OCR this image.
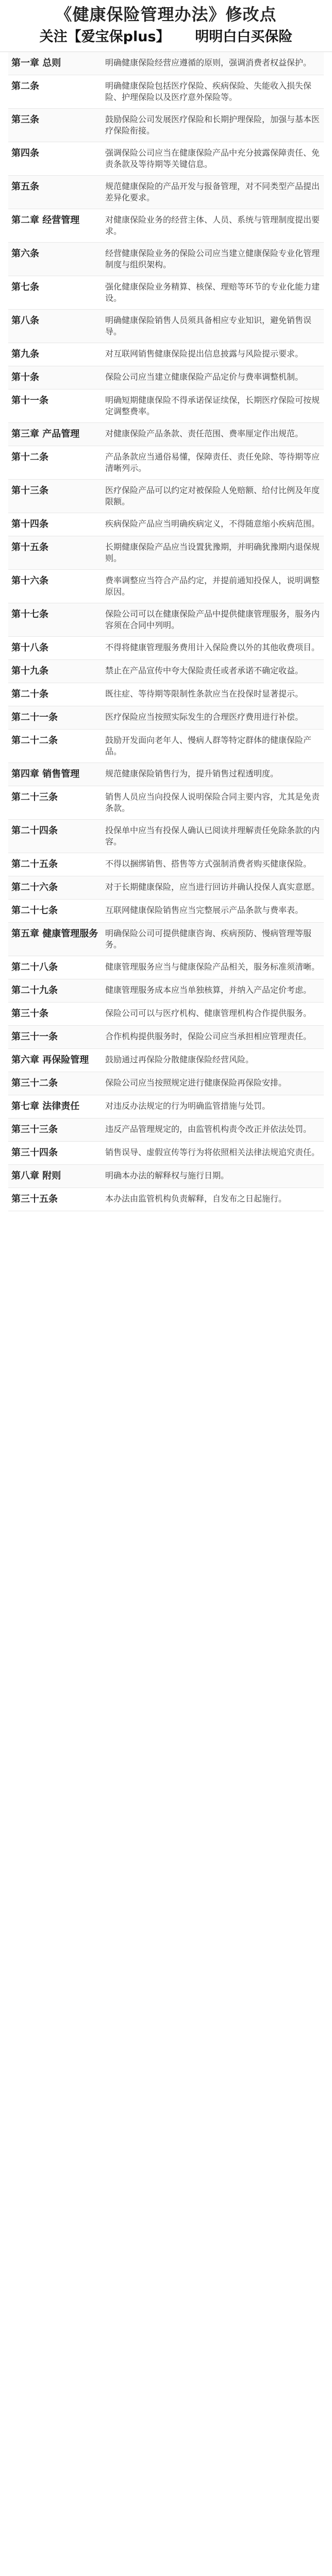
《健康保险管理办法》修改点
关注【爱宝保plus】 明明白白买保险
第一章 总则	明确健康保险经营应遵循的原则，强调消费者权益保护。
第二条	明确健康保险包括医疗保险、疾病保险、失能收入损失保险、护理保险以及医疗意外保险等。
第三条	鼓励保险公司发展医疗保险和长期护理保险，加强与基本医疗保险衔接。
第四条	强调保险公司应当在健康保险产品中充分披露保障责任、免责条款及等待期等关键信息。
第五条	规范健康保险的产品开发与报备管理，对不同类型产品提出差异化要求。
第二章 经营管理	对健康保险业务的经营主体、人员、系统与管理制度提出要求。
第六条	经营健康保险业务的保险公司应当建立健康保险专业化管理制度与组织架构。
第七条	强化健康保险业务精算、核保、理赔等环节的专业化能力建设。
第八条	明确健康保险销售人员须具备相应专业知识，避免销售误导。
第九条	对互联网销售健康保险提出信息披露与风险提示要求。
第十条	保险公司应当建立健康保险产品定价与费率调整机制。
第十一条	明确短期健康保险不得承诺保证续保，长期医疗保险可按规定调整费率。
第三章 产品管理	对健康保险产品条款、责任范围、费率厘定作出规范。
第十二条	产品条款应当通俗易懂，保障责任、责任免除、等待期等应清晰列示。
第十三条	医疗保险产品可以约定对被保险人免赔额、给付比例及年度限额。
第十四条	疾病保险产品应当明确疾病定义，不得随意缩小疾病范围。
第十五条	长期健康保险产品应当设置犹豫期，并明确犹豫期内退保规则。
第十六条	费率调整应当符合产品约定，并提前通知投保人，说明调整原因。
第十七条	保险公司可以在健康保险产品中提供健康管理服务，服务内容须在合同中列明。
第十八条	不得将健康管理服务费用计入保险费以外的其他收费项目。
第十九条	禁止在产品宣传中夸大保险责任或者承诺不确定收益。
第二十条	既往症、等待期等限制性条款应当在投保时显著提示。
第二十一条	医疗保险应当按照实际发生的合理医疗费用进行补偿。
第二十二条	鼓励开发面向老年人、慢病人群等特定群体的健康保险产品。
第四章 销售管理	规范健康保险销售行为，提升销售过程透明度。
第二十三条	销售人员应当向投保人说明保险合同主要内容，尤其是免责条款。
第二十四条	投保单中应当有投保人确认已阅读并理解责任免除条款的内容。
第二十五条	不得以捆绑销售、搭售等方式强制消费者购买健康保险。
第二十六条	对于长期健康保险，应当进行回访并确认投保人真实意愿。
第二十七条	互联网健康保险销售应当完整展示产品条款与费率表。
第五章 健康管理服务 明确保险公司可提供健康咨询、疾病预防、慢病管理等服务。
第二十八条	健康管理服务应当与健康保险产品相关，服务标准须清晰。
第二十九条	健康管理服务成本应当单独核算，并纳入产品定价考虑。
第三十条	保险公司可以与医疗机构、健康管理机构合作提供服务。
第三十一条	合作机构提供服务时，保险公司应当承担相应管理责任。
第六章 再保险管理	鼓励通过再保险分散健康保险经营风险。
第三十二条	保险公司应当按照规定进行健康保险再保险安排。
第七章 法律责任	对违反办法规定的行为明确监管措施与处罚。
第三十三条	违反产品管理规定的，由监管机构责令改正并依法处罚。
第三十四条	销售误导、虚假宣传等行为将依照相关法律法规追究责任。
第八章 附则	明确本办法的解释权与施行日期。
第三十五条	本办法由监管机构负责解释，自发布之日起施行。
